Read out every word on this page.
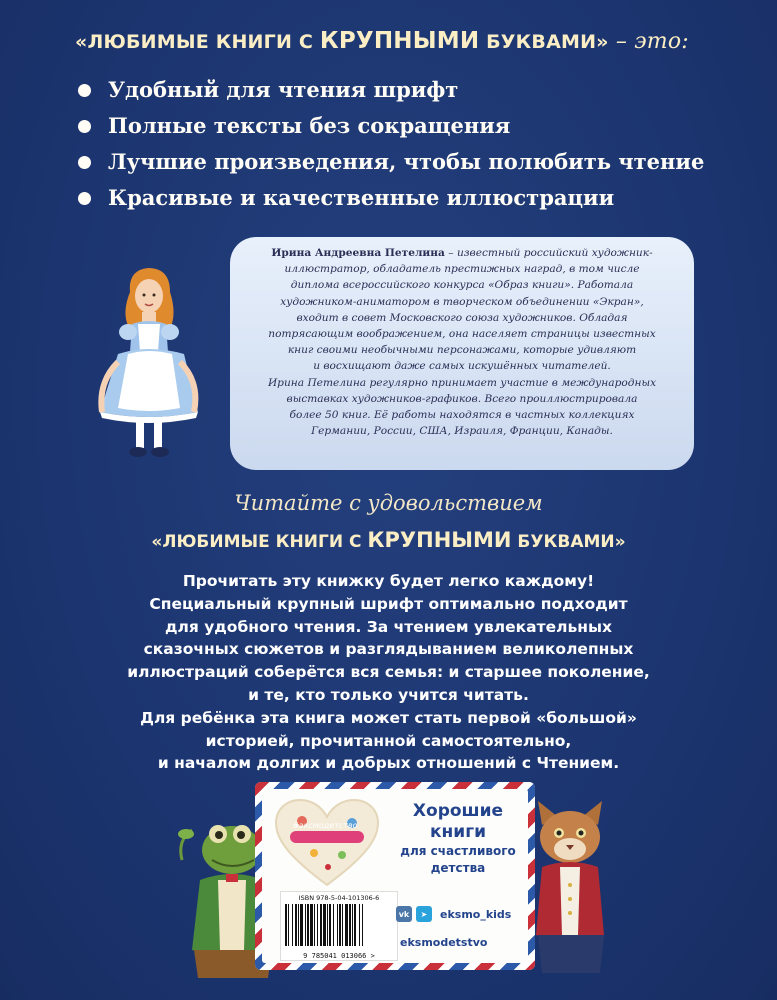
«ЛЮБИМЫЕ КНИГИ С КРУПНЫМИ БУКВАМИ» – это:
Удобный для чтения шрифт
Полные тексты без сокращения
Лучшие произведения, чтобы полюбить чтение
Красивые и качественные иллюстрации
Ирина Андреевна Петелина – известный российский художник-
иллюстратор, обладатель престижных наград, в том числе
диплома всероссийского конкурса «Образ книги». Работала
художником-аниматором в творческом объединении «Экран»,
входит в совет Московского союза художников. Обладая
потрясающим воображением, она населяет страницы известных
книг своими необычными персонажами, которые удивляют
и восхищают даже самых искушённых читателей.
Ирина Петелина регулярно принимает участие в международных
выставках художников-графиков. Всего проиллюстрировала
более 50 книг. Её работы находятся в частных коллекциях
Германии, России, США, Израиля, Франции, Канады.
Читайте с удовольствием
«ЛЮБИМЫЕ КНИГИ С КРУПНЫМИ БУКВАМИ»
Прочитать эту книжку будет легко каждому!
Специальный крупный шрифт оптимально подходит
для удобного чтения. За чтением увлекательных
сказочных сюжетов и разглядыванием великолепных
иллюстраций соберётся вся семья: и старшее поколение,
и те, кто только учится читать.
Для ребёнка эта книга может стать первой «большой»
историей, прочитанной самостоятельно,
и началом долгих и добрых отношений с Чтением.
#эксмодетство
Хорошие
книги
для счастливого
детства
ISBN 978-5-04-101306-6
9 785041 013066 >
vk	➤	eksmo_kids
eksmodetstvo
